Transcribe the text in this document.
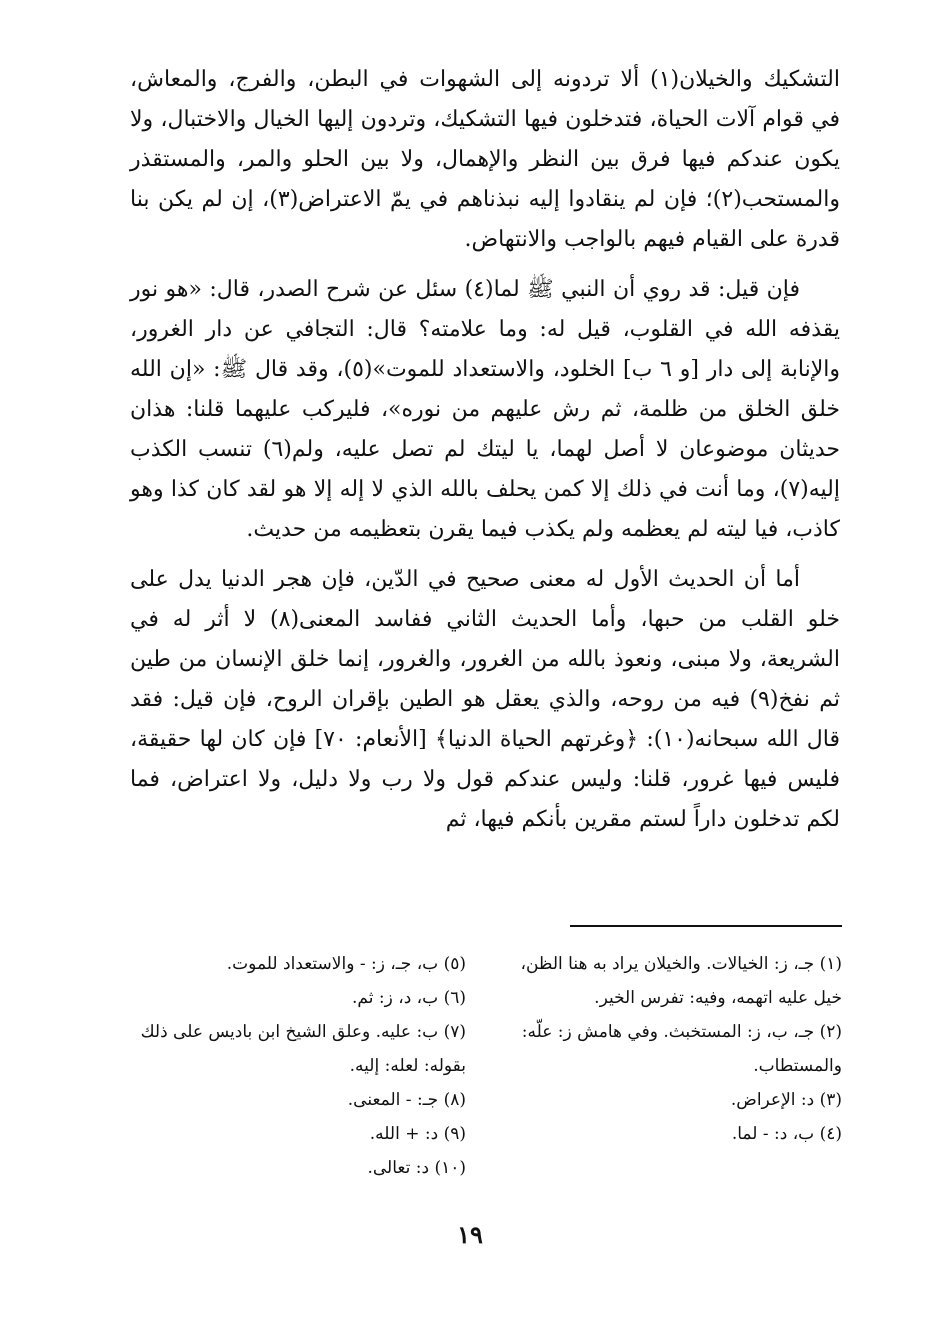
التشكيك والخيلان(١) ألا تردونه إلى الشهوات في البطن، والفرج، والمعاش، في قوام آلات الحياة، فتدخلون فيها التشكيك، وتردون إليها الخيال والاختبال، ولا يكون عندكم فيها فرق بين النظر والإهمال، ولا بين الحلو والمر، والمستقذر والمستحب(٢)؛ فإن لم ينقادوا إليه نبذناهم في يمّ الاعتراض(٣)، إن لم يكن بنا قدرة على القيام فيهم بالواجب والانتهاض.

فإن قيل: قد روي أن النبي ﷺ لما(٤) سئل عن شرح الصدر، قال: «هو نور يقذفه الله في القلوب، قيل له: وما علامته؟ قال: التجافي عن دار الغرور، والإنابة إلى دار [و ٦ ب] الخلود، والاستعداد للموت»(٥)، وقد قال ﷺ: «إن الله خلق الخلق من ظلمة، ثم رش عليهم من نوره»، فليركب عليهما قلنا: هذان حديثان موضوعان لا أصل لهما، يا ليتك لم تصل عليه، ولم(٦) تنسب الكذب إليه(٧)، وما أنت في ذلك إلا كمن يحلف بالله الذي لا إله إلا هو لقد كان كذا وهو كاذب، فيا ليته لم يعظمه ولم يكذب فيما يقرن بتعظيمه من حديث.

أما أن الحديث الأول له معنى صحيح في الدّين، فإن هجر الدنيا يدل على خلو القلب من حبها، وأما الحديث الثاني ففاسد المعنى(٨) لا أثر له في الشريعة، ولا مبنى، ونعوذ بالله من الغرور، والغرور، إنما خلق الإنسان من طين ثم نفخ(٩) فيه من روحه، والذي يعقل هو الطين بإقران الروح، فإن قيل: فقد قال الله سبحانه(١٠): ﴿وغرتهم الحياة الدنيا﴾ [الأنعام: ٧٠] فإن كان لها حقيقة، فليس فيها غرور، قلنا: وليس عندكم قول ولا رب ولا دليل، ولا اعتراض، فما لكم تدخلون داراً لستم مقرين بأنكم فيها، ثم

(١) جـ، ز: الخيالات. والخيلان يراد به هنا الظن، خيل عليه اتهمه، وفيه: تفرس الخير.

(٢) جـ، ب، ز: المستخبث. وفي هامش ز: علّه: والمستطاب.

(٣) د: الإعراض.

(٤) ب، د: - لما.

(٥) ب، جـ، ز: - والاستعداد للموت.

(٦) ب، د، ز: ثم.

(٧) ب: عليه. وعلق الشيخ ابن باديس على ذلك بقوله: لعله: إليه.

(٨) جـ: - المعنى.

(٩) د: + الله.

(١٠) د: تعالى.

١٩
